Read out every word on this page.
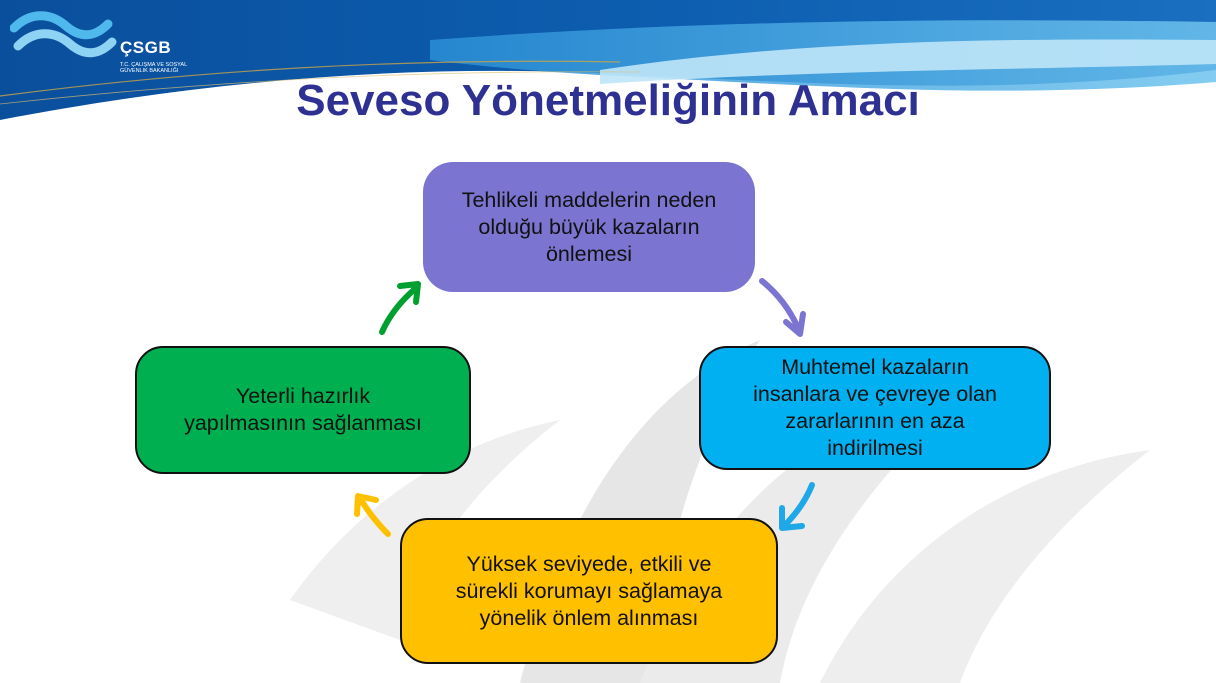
ÇSGB
T.C. ÇALIŞMA VE SOSYAL GÜVENLIK BAKANLIĞI
Seveso Yönetmeliğinin Amacı
Tehlikeli maddelerin neden
olduğu büyük kazaların
önlemesi
Muhtemel kazaların
insanlara ve çevreye olan
zararlarının en aza
indirilmesi
Yüksek seviyede, etkili ve
sürekli korumayı sağlamaya
yönelik önlem alınması
Yeterli hazırlık
yapılmasının sağlanması
